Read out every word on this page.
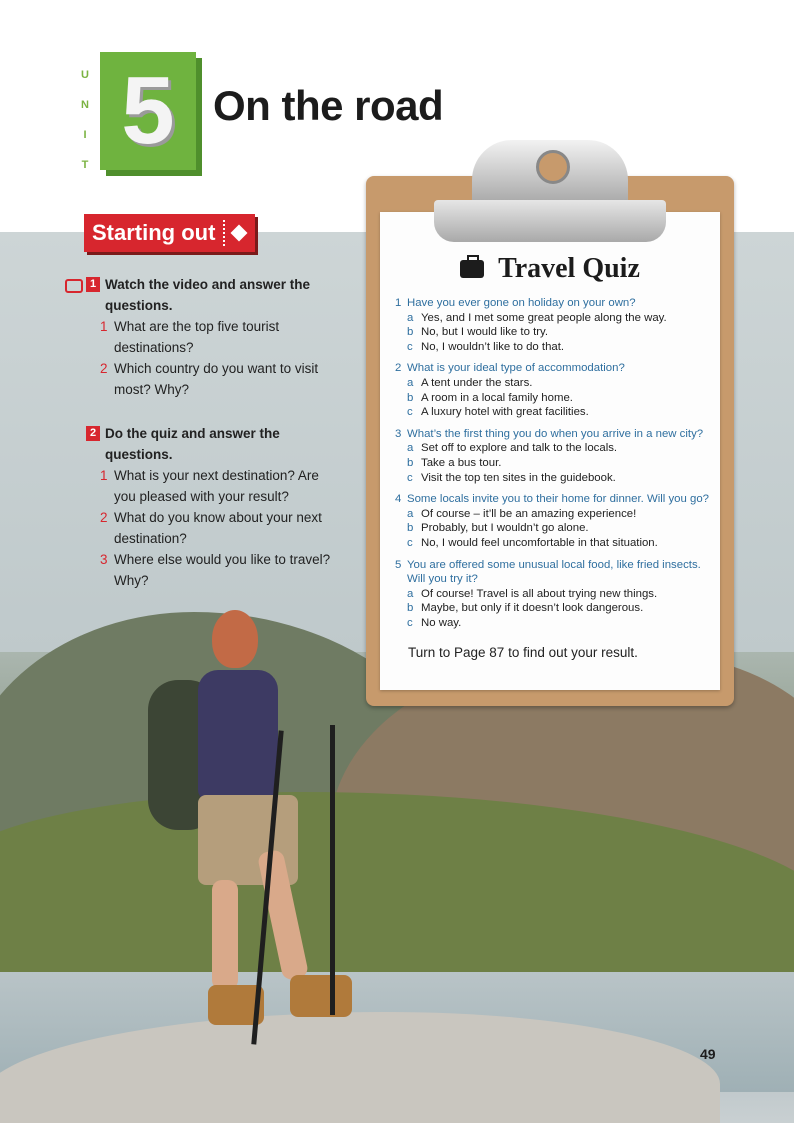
U
N
I
T
5 On the road
Starting out
1 Watch the video and answer the questions.
1 What are the top five tourist destinations?
2 Which country do you want to visit most? Why?
2 Do the quiz and answer the questions.
1 What is your next destination? Are you pleased with your result?
2 What do you know about your next destination?
3 Where else would you like to travel? Why?
Travel Quiz
1 Have you ever gone on holiday on your own?
a Yes, and I met some great people along the way.
b No, but I would like to try.
c No, I wouldn’t like to do that.
2 What is your ideal type of accommodation?
a A tent under the stars.
b A room in a local family home.
c A luxury hotel with great facilities.
3 What’s the first thing you do when you arrive in a new city?
a Set off to explore and talk to the locals.
b Take a bus tour.
c Visit the top ten sites in the guidebook.
4 Some locals invite you to their home for dinner. Will you go?
a Of course – it’ll be an amazing experience!
b Probably, but I wouldn’t go alone.
c No, I would feel uncomfortable in that situation.
5 You are offered some unusual local food, like fried insects. Will you try it?
a Of course! Travel is all about trying new things.
b Maybe, but only if it doesn’t look dangerous.
c No way.
Turn to Page 87 to find out your result.
49
